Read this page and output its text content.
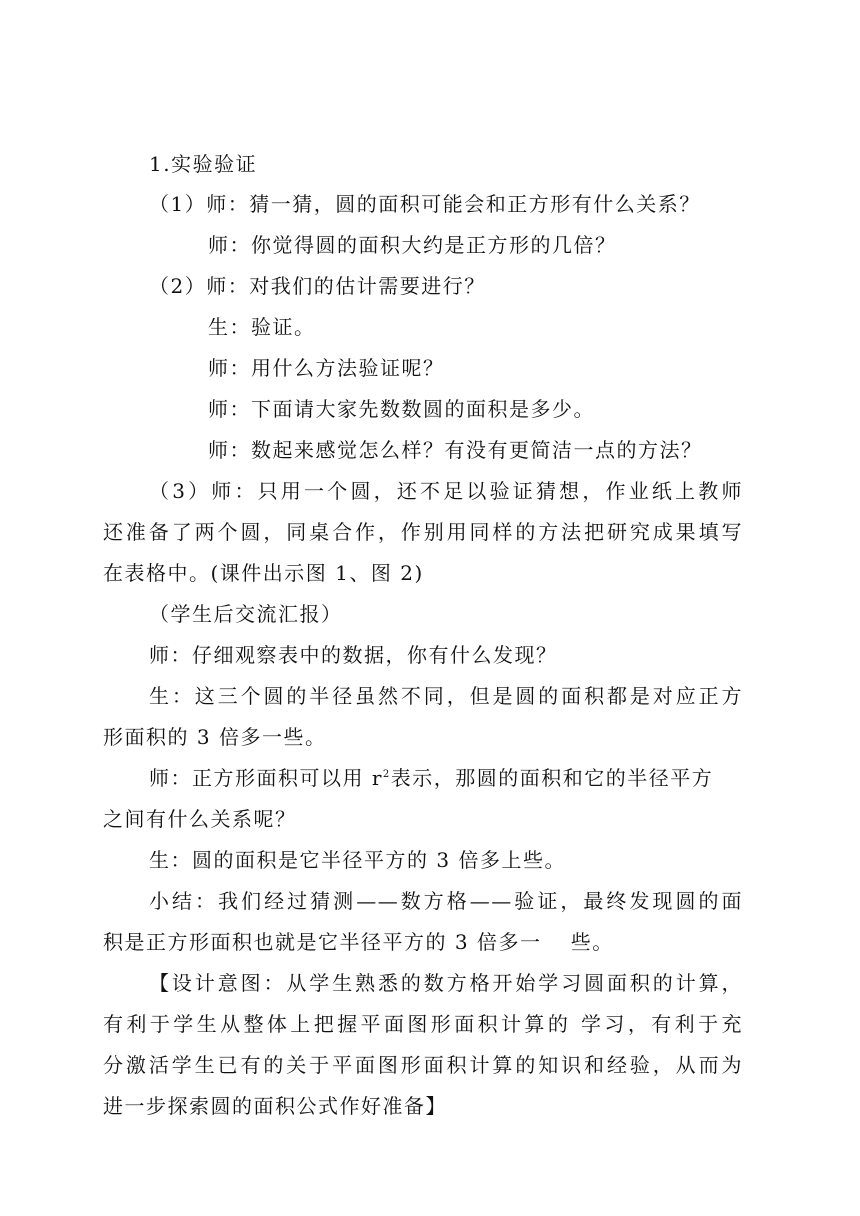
1.实验验证
（1）师：猜一猜，圆的面积可能会和正方形有什么关系？
师：你觉得圆的面积大约是正方形的几倍？
（2）师：对我们的估计需要进行？
生：验证。
师：用什么方法验证呢？
师：下面请大家先数数圆的面积是多少。
师：数起来感觉怎么样？有没有更简洁一点的方法？
（3）师：只用一个圆，还不足以验证猜想，作业纸上教师
还准备了两个圆，同桌合作，作别用同样的方法把研究成果填写
在表格中。(课件出示图 1、图 2)
（学生后交流汇报）
师：仔细观察表中的数据，你有什么发现？
生：这三个圆的半径虽然不同，但是圆的面积都是对应正方
形面积的 3 倍多一些。
师：正方形面积可以用 $r^2$表示，那圆的面积和它的半径平方
之间有什么关系呢？
生：圆的面积是它半径平方的 3 倍多上些。
小结：我们经过猜测——数方格——验证，最终发现圆的面
积是正方形面积也就是它半径平方的 3 倍多一　 些。
【设计意图：从学生熟悉的数方格开始学习圆面积的计算，
有利于学生从整体上把握平面图形面积计算的 学习，有利于充
分激活学生已有的关于平面图形面积计算的知识和经验，从而为
进一步探索圆的面积公式作好准备】
